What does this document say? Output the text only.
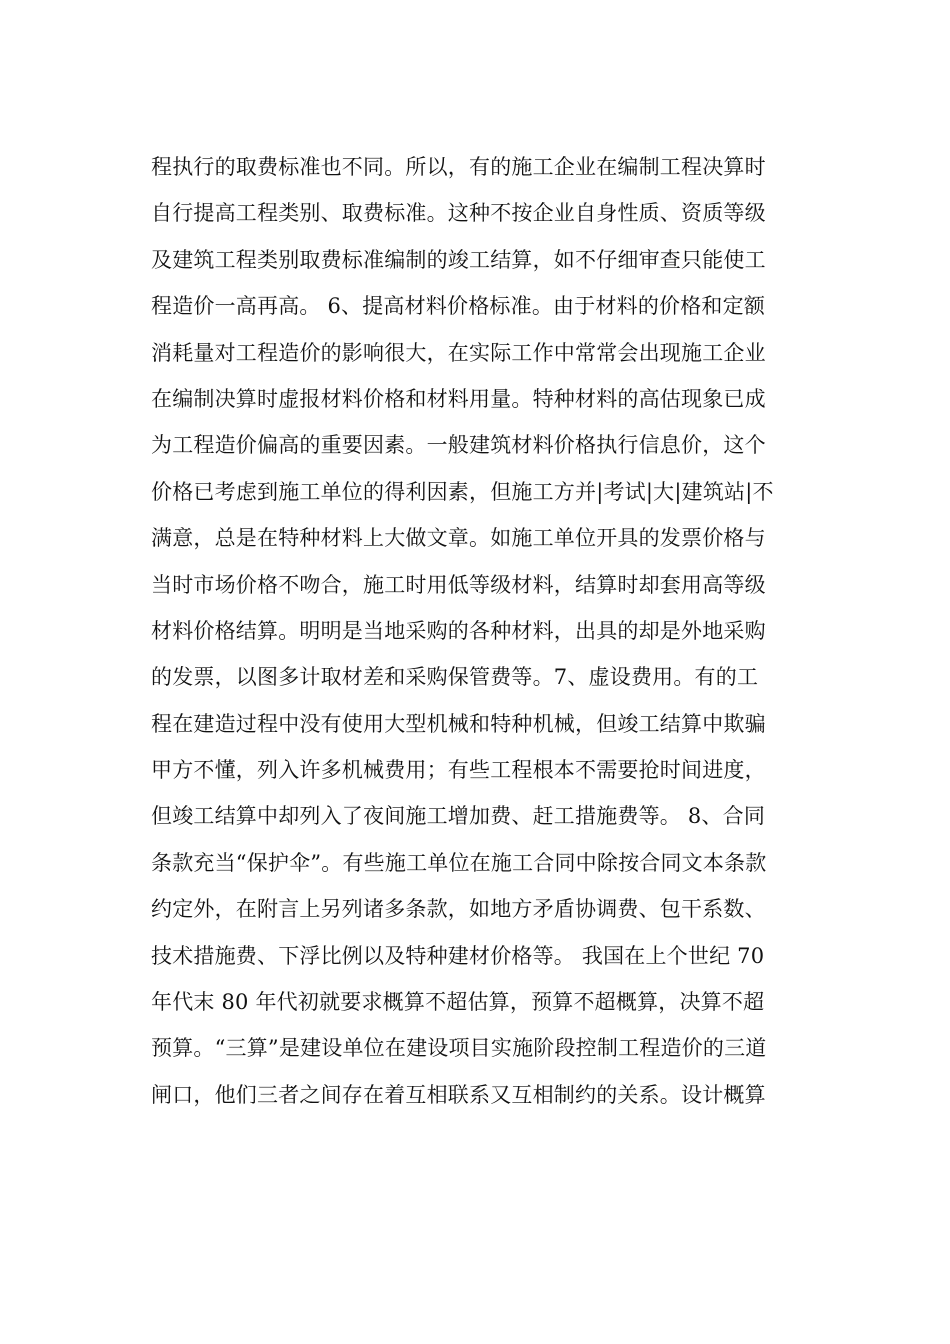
程执行的取费标准也不同。所以，有的施工企业在编制工程决算时
自行提高工程类别、取费标准。这种不按企业自身性质、资质等级
及建筑工程类别取费标准编制的竣工结算，如不仔细审查只能使工
程造价一高再高。 6、提高材料价格标准。由于材料的价格和定额
消耗量对工程造价的影响很大，在实际工作中常常会出现施工企业
在编制决算时虚报材料价格和材料用量。特种材料的高估现象已成
为工程造价偏高的重要因素。一般建筑材料价格执行信息价，这个
价格已考虑到施工单位的得利因素，但施工方并|考试|大|建筑站|不
满意，总是在特种材料上大做文章。如施工单位开具的发票价格与
当时市场价格不吻合，施工时用低等级材料，结算时却套用高等级
材料价格结算。明明是当地采购的各种材料，出具的却是外地采购
的发票，以图多计取材差和采购保管费等。7、虚设费用。有的工
程在建造过程中没有使用大型机械和特种机械，但竣工结算中欺骗
甲方不懂，列入许多机械费用；有些工程根本不需要抢时间进度，
但竣工结算中却列入了夜间施工增加费、赶工措施费等。 8、合同
条款充当“保护伞”。有些施工单位在施工合同中除按合同文本条款
约定外，在附言上另列诸多条款，如地方矛盾协调费、包干系数、
技术措施费、下浮比例以及特种建材价格等。 我国在上个世纪 70
年代末 80 年代初就要求概算不超估算，预算不超概算，决算不超
预算。“三算”是建设单位在建设项目实施阶段控制工程造价的三道
闸口，他们三者之间存在着互相联系又互相制约的关系。设计概算
